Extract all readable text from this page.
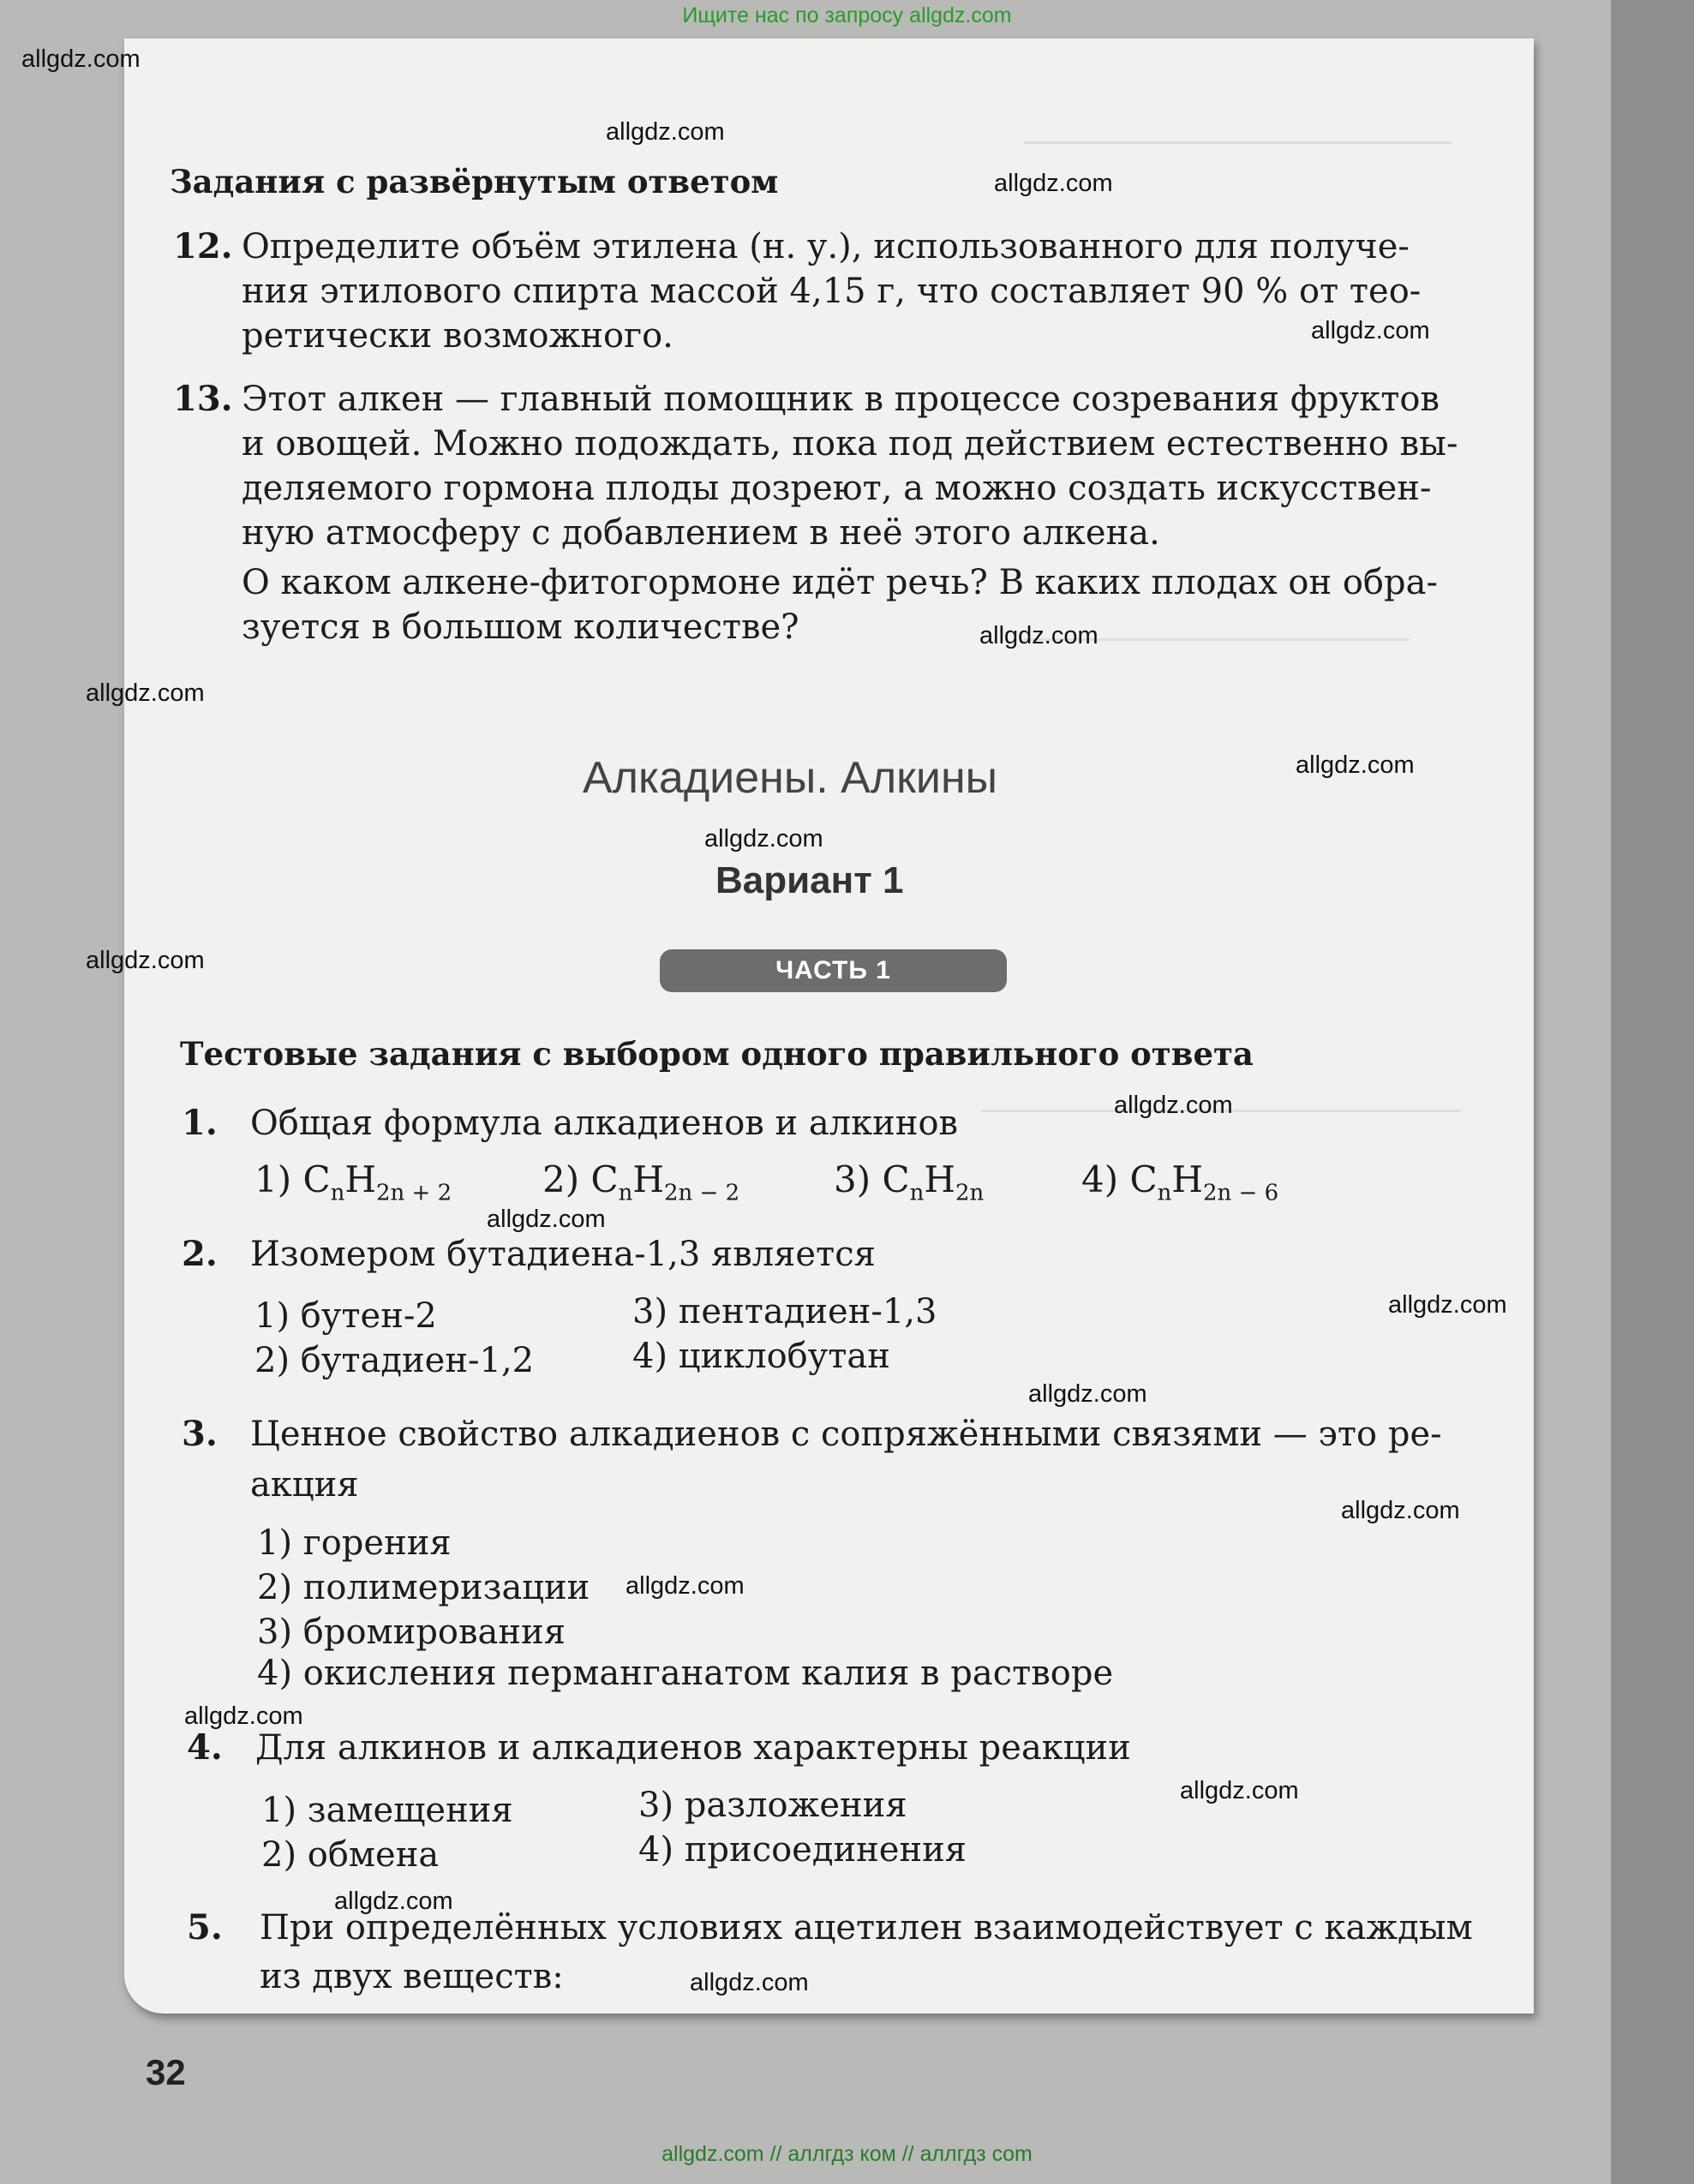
Ищите нас по запросу allgdz.com
Задания с развёрнутым ответом
12. Определите объём этилена (н. у.), использованного для получе-
ния этилового спирта массой 4,15 г, что составляет 90 % от тео-
ретически возможного.
13. Этот алкен — главный помощник в процессе созревания фруктов
и овощей. Можно подождать, пока под действием естественно вы-
деляемого гормона плоды дозреют, а можно создать искусствен-
ную атмосферу с добавлением в неё этого алкена.
О каком алкене-фитогормоне идёт речь? В каких плодах он обра-
зуется в большом количестве?
Алкадиены. Алкины
Вариант 1
ЧАСТЬ 1
Тестовые задания с выбором одного правильного ответа
1. Общая формула алкадиенов и алкинов
1) $C_nH_{2n + 2}$	2) $C_nH_{2n - 2}$	3) $C_nH_{2n}$	4) $C_nH_{2n - 6}$
2. Изомером бутадиена-1,3 является
1) бутен-2	3) пентадиен-1,3
2) бутадиен-1,2	4) циклобутан
3. Ценное свойство алкадиенов с сопряжёнными связями — это ре-
акция
1) горения
2) полимеризации
3) бромирования
4) окисления перманганатом калия в растворе
4. Для алкинов и алкадиенов характерны реакции
1) замещения	3) разложения
2) обмена	4) присоединения
5. При определённых условиях ацетилен взаимодействует с каждым
из двух веществ:
32
allgdz.com
allgdz.com
allgdz.com
allgdz.com
allgdz.com
allgdz.com
allgdz.com
allgdz.com
allgdz.com
allgdz.com
allgdz.com
allgdz.com
allgdz.com
allgdz.com
allgdz.com
allgdz.com
allgdz.com
allgdz.com
allgdz.com
allgdz.com // аллгдз ком // аллгдз com
